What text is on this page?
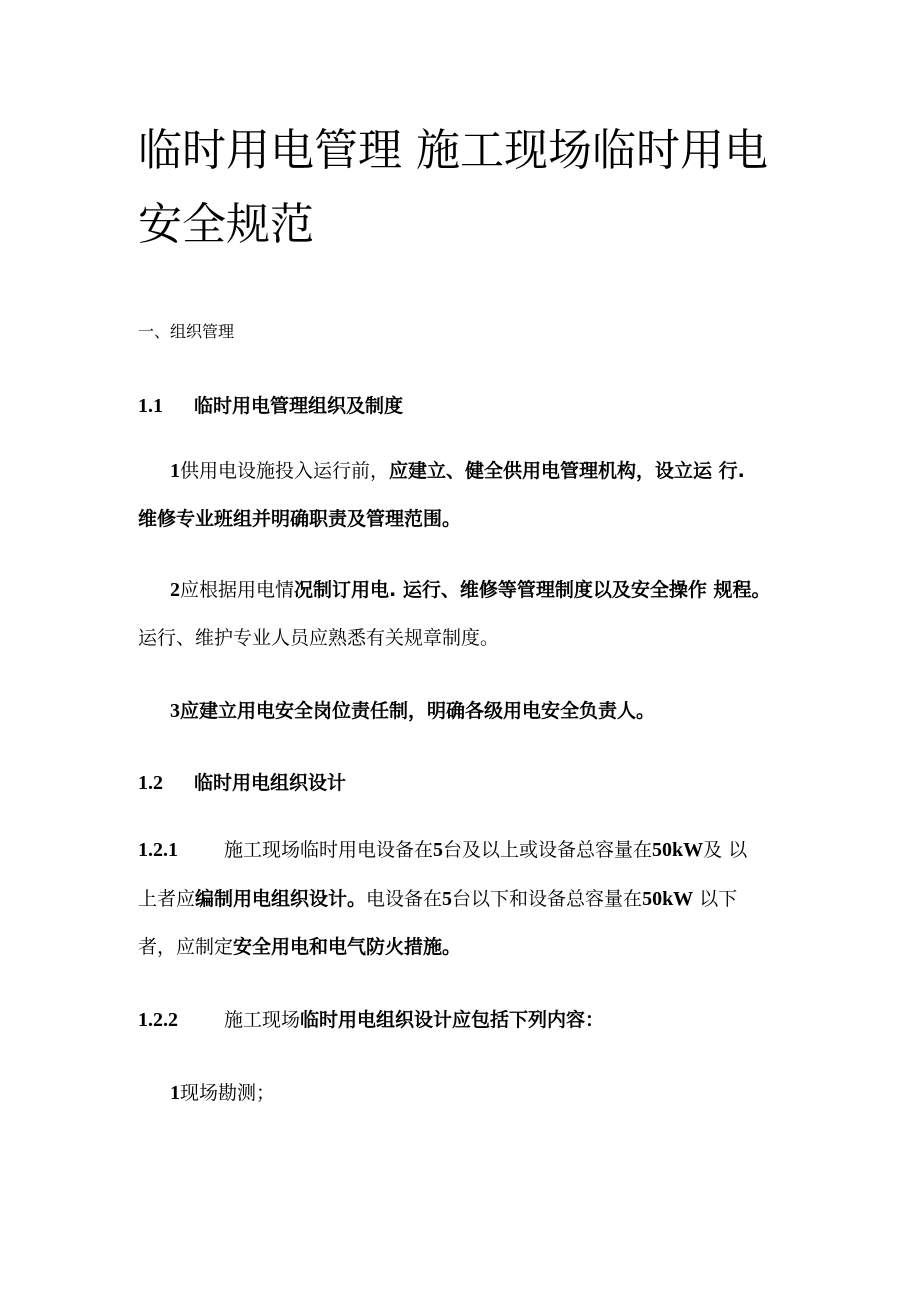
临时用电管理 施工现场临时用电
安全规范
一、组织管理
1.1 临时用电管理组织及制度
1供用电设施投入运行前，应建立、健全供用电管理机构，设立运 行.
维修专业班组并明确职责及管理范围。
2应根据用电情况制订用电. 运行、维修等管理制度以及安全操作 规程。
运行、维护专业人员应熟悉有关规章制度。
3应建立用电安全岗位责任制，明确各级用电安全负责人。
1.2 临时用电组织设计
1.2.1 施工现场临时用电设备在5台及以上或设备总容量在50kW及 以
上者应编制用电组织设计。电设备在5台以下和设备总容量在50kW 以下
者，应制定安全用电和电气防火措施。
1.2.2 施工现场临时用电组织设计应包括下列内容：
1现场勘测；
